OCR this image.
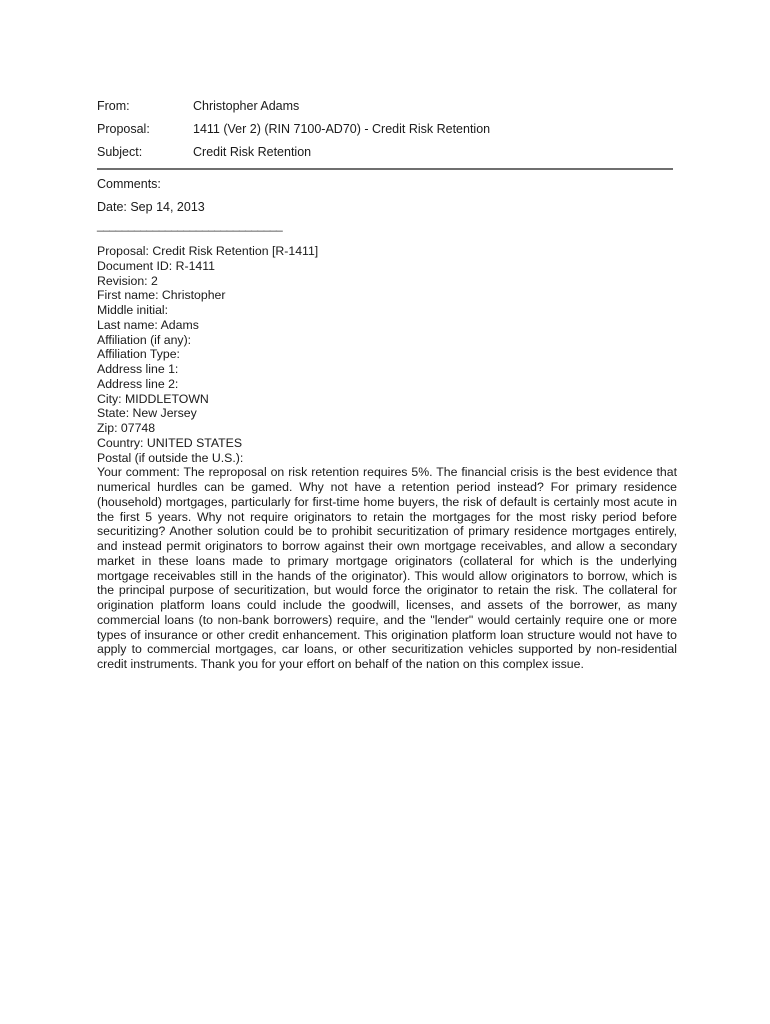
From:	Christopher Adams
Proposal:	1411 (Ver 2) (RIN 7100-AD70) - Credit Risk Retention
Subject:	Credit Risk Retention
Comments:
Date: Sep 14, 2013
______________________________
Proposal: Credit Risk Retention [R-1411]
Document ID: R-1411
Revision: 2
First name: Christopher
Middle initial:
Last name: Adams
Affiliation (if any):
Affiliation Type:
Address line 1:
Address line 2:
City: MIDDLETOWN
State: New Jersey
Zip: 07748
Country: UNITED STATES
Postal (if outside the U.S.):

Your comment: The reproposal on risk retention requires 5%. The financial crisis is the best evidence that numerical hurdles can be gamed. Why not have a retention period instead? For primary residence (household) mortgages, particularly for first-time home buyers, the risk of default is certainly most acute in the first 5 years. Why not require originators to retain the mortgages for the most risky period before securitizing? Another solution could be to prohibit securitization of primary residence mortgages entirely, and instead permit originators to borrow against their own mortgage receivables, and allow a secondary market in these loans made to primary mortgage originators (collateral for which is the underlying mortgage receivables still in the hands of the originator). This would allow originators to borrow, which is the principal purpose of securitization, but would force the originator to retain the risk. The collateral for origination platform loans could include the goodwill, licenses, and assets of the borrower, as many commercial loans (to non-bank borrowers) require, and the "lender" would certainly require one or more types of insurance or other credit enhancement. This origination platform loan structure would not have to apply to commercial mortgages, car loans, or other securitization vehicles supported by non-residential credit instruments. Thank you for your effort on behalf of the nation on this complex issue.
